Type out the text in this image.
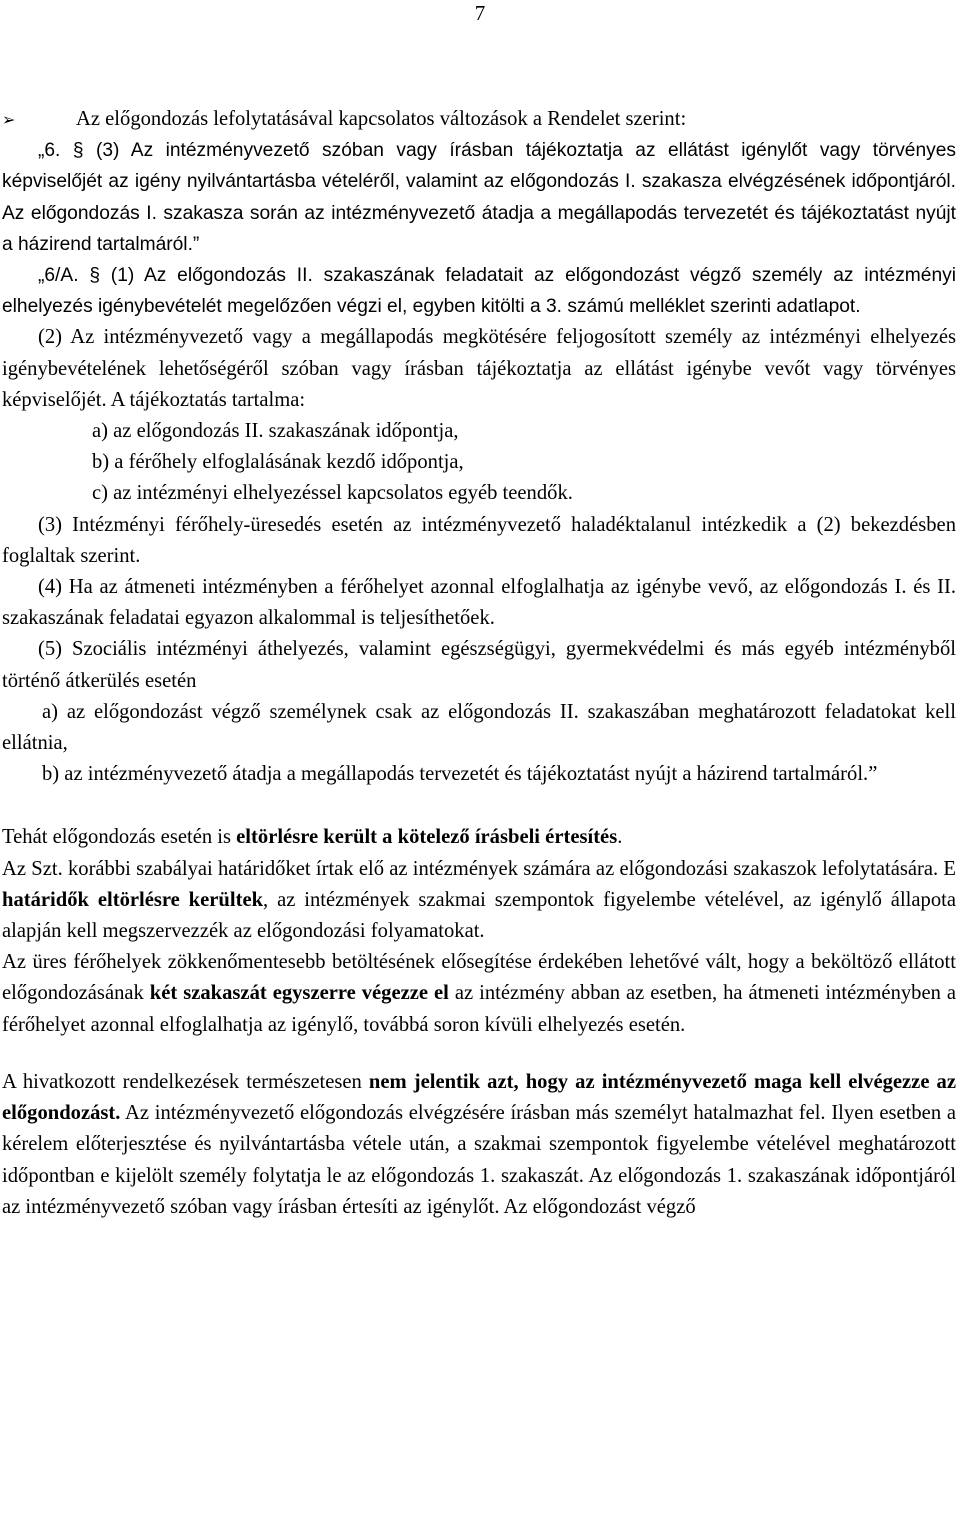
7

➢	Az előgondozás lefolytatásával kapcsolatos változások a Rendelet szerint:

„6. § (3) Az intézményvezető szóban vagy írásban tájékoztatja az ellátást igénylőt vagy törvényes képviselőjét az igény nyilvántartásba vételéről, valamint az előgondozás I. szakasza elvégzésének időpontjáról. Az előgondozás I. szakasza során az intézményvezető átadja a megállapodás tervezetét és tájékoztatást nyújt a házirend tartalmáról.”

„6/A. § (1) Az előgondozás II. szakaszának feladatait az előgondozást végző személy az intézményi elhelyezés igénybevételét megelőzően végzi el, egyben kitölti a 3. számú melléklet szerinti adatlapot.

(2) Az intézményvezető vagy a megállapodás megkötésére feljogosított személy az intézményi elhelyezés igénybevételének lehetőségéről szóban vagy írásban tájékoztatja az ellátást igénybe vevőt vagy törvényes képviselőjét. A tájékoztatás tartalma:

a) az előgondozás II. szakaszának időpontja,

b) a férőhely elfoglalásának kezdő időpontja,

c) az intézményi elhelyezéssel kapcsolatos egyéb teendők.

(3) Intézményi férőhely-üresedés esetén az intézményvezető haladéktalanul intézkedik a (2) bekezdésben foglaltak szerint.

(4) Ha az átmeneti intézményben a férőhelyet azonnal elfoglalhatja az igénybe vevő, az előgondozás I. és II. szakaszának feladatai egyazon alkalommal is teljesíthetőek.

(5) Szociális intézményi áthelyezés, valamint egészségügyi, gyermekvédelmi és más egyéb intézményből történő átkerülés esetén

a) az előgondozást végző személynek csak az előgondozás II. szakaszában meghatározott feladatokat kell ellátnia,

b) az intézményvezető átadja a megállapodás tervezetét és tájékoztatást nyújt a házirend tartalmáról.”

Tehát előgondozás esetén is eltörlésre került a kötelező írásbeli értesítés.

Az Szt. korábbi szabályai határidőket írtak elő az intézmények számára az előgondozási szakaszok lefolytatására. E határidők eltörlésre kerültek, az intézmények szakmai szempontok figyelembe vételével, az igénylő állapota alapján kell megszervezzék az előgondozási folyamatokat.

Az üres férőhelyek zökkenőmentesebb betöltésének elősegítése érdekében lehetővé vált, hogy a beköltöző ellátott előgondozásának két szakaszát egyszerre végezze el az intézmény abban az esetben, ha átmeneti intézményben a férőhelyet azonnal elfoglalhatja az igénylő, továbbá soron kívüli elhelyezés esetén.

A hivatkozott rendelkezések természetesen nem jelentik azt, hogy az intézményvezető maga kell elvégezze az előgondozást. Az intézményvezető előgondozás elvégzésére írásban más személyt hatalmazhat fel. Ilyen esetben a kérelem előterjesztése és nyilvántartásba vétele után, a szakmai szempontok figyelembe vételével meghatározott időpontban e kijelölt személy folytatja le az előgondozás 1. szakaszát. Az előgondozás 1. szakaszának időpontjáról az intézményvezető szóban vagy írásban értesíti az igénylőt. Az előgondozást végző
